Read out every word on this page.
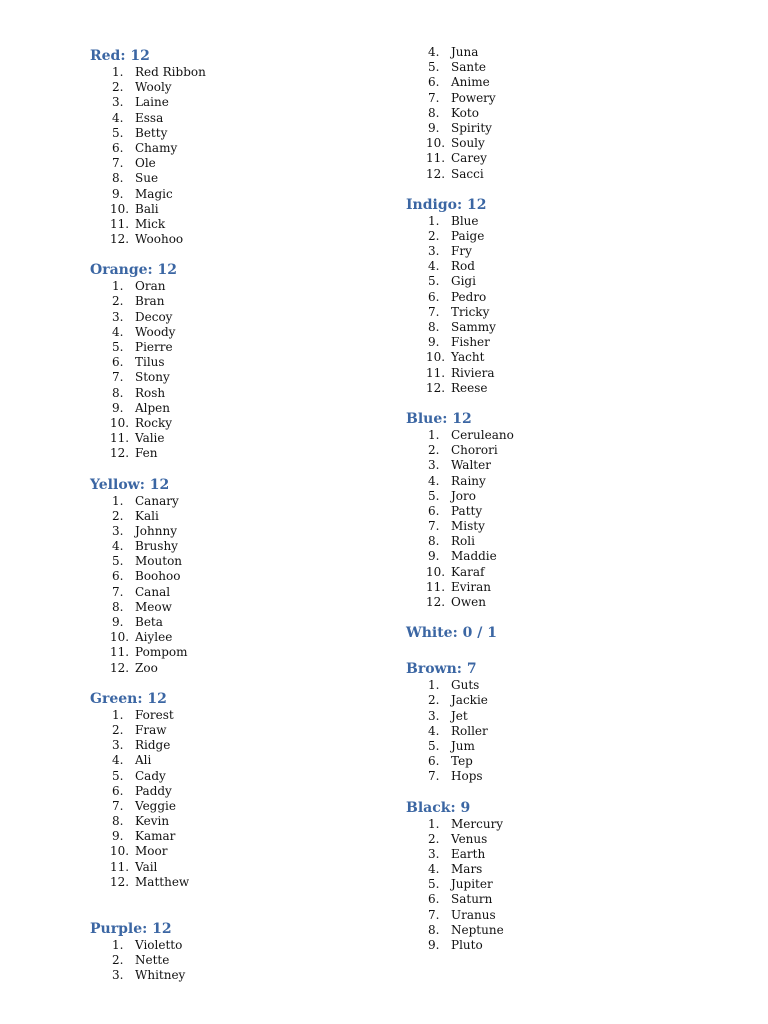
Red: 12
1. Red Ribbon
2. Wooly
3. Laine
4. Essa
5. Betty
6. Chamy
7. Ole
8. Sue
9. Magic
10. Bali
11. Mick
12. Woohoo
Orange: 12
1. Oran
2. Bran
3. Decoy
4. Woody
5. Pierre
6. Tilus
7. Stony
8. Rosh
9. Alpen
10. Rocky
11. Valie
12. Fen
Yellow: 12
1. Canary
2. Kali
3. Johnny
4. Brushy
5. Mouton
6. Boohoo
7. Canal
8. Meow
9. Beta
10. Aiylee
11. Pompom
12. Zoo
Green: 12
1. Forest
2. Fraw
3. Ridge
4. Ali
5. Cady
6. Paddy
7. Veggie
8. Kevin
9. Kamar
10. Moor
11. Vail
12. Matthew
Purple: 12
1. Violetto
2. Nette
3. Whitney
4. Juna
5. Sante
6. Anime
7. Powery
8. Koto
9. Spirity
10. Souly
11. Carey
12. Sacci
Indigo: 12
1. Blue
2. Paige
3. Fry
4. Rod
5. Gigi
6. Pedro
7. Tricky
8. Sammy
9. Fisher
10. Yacht
11. Riviera
12. Reese
Blue: 12
1. Ceruleano
2. Chorori
3. Walter
4. Rainy
5. Joro
6. Patty
7. Misty
8. Roli
9. Maddie
10. Karaf
11. Eviran
12. Owen
White: 0 / 1
Brown: 7
1. Guts
2. Jackie
3. Jet
4. Roller
5. Jum
6. Tep
7. Hops
Black: 9
1. Mercury
2. Venus
3. Earth
4. Mars
5. Jupiter
6. Saturn
7. Uranus
8. Neptune
9. Pluto
